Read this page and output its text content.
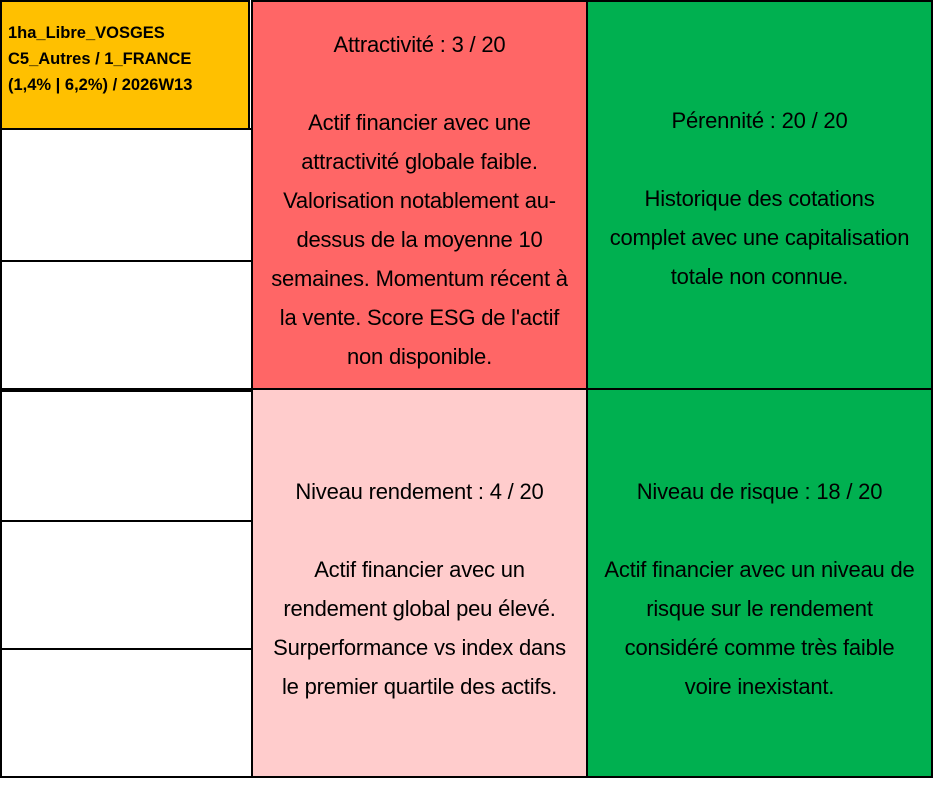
1ha_Libre_VOSGES
C5_Autres / 1_FRANCE
(1,4% | 6,2%) / 2026W13
Attractivité : 3 / 20
Actif financier avec une
attractivité globale faible.
Valorisation notablement au-
dessus de la moyenne 10
semaines. Momentum récent à
la vente. Score ESG de l'actif
non disponible.
Pérennité : 20 / 20
Historique des cotations
complet avec une capitalisation
totale non connue.
Niveau rendement : 4 / 20
Actif financier avec un
rendement global peu élevé.
Surperformance vs index dans
le premier quartile des actifs.
Niveau de risque : 18 / 20
Actif financier avec un niveau de
risque sur le rendement
considéré comme très faible
voire inexistant.
